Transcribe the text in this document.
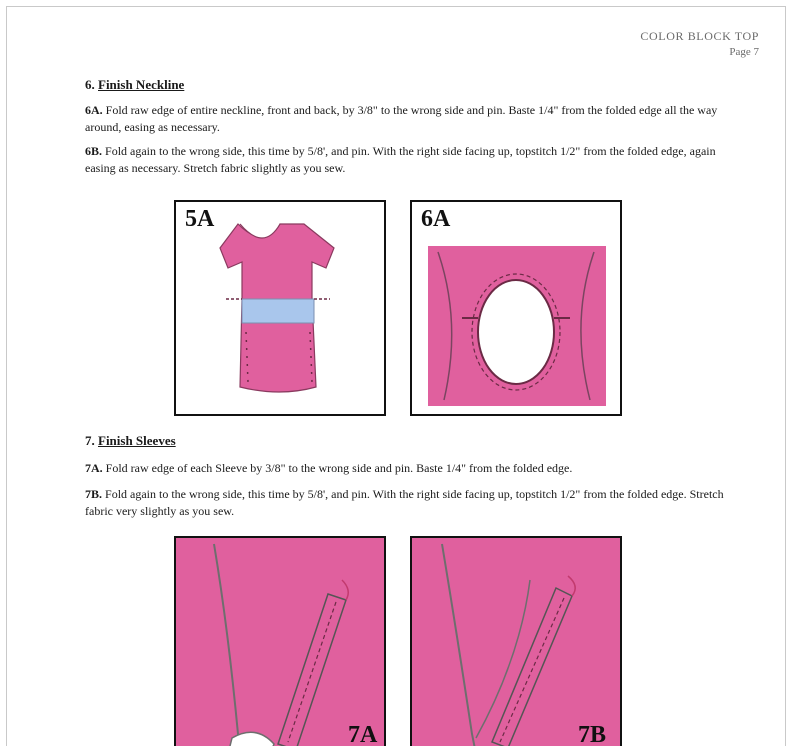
COLOR BLOCK TOP
Page 7
6. Finish Neckline
6A. Fold raw edge of entire neckline, front and back, by 3/8" to the wrong side and pin. Baste 1/4" from the folded edge all the way around, easing as necessary.
6B. Fold again to the wrong side, this time by 5/8', and pin. With the right side facing up, topstitch 1/2" from the folded edge, again easing as necessary. Stretch fabric slightly as you sew.
5A	6A
7. Finish Sleeves
7A. Fold raw edge of each Sleeve by 3/8" to the wrong side and pin. Baste 1/4" from the folded edge.
7B. Fold again to the wrong side, this time by 5/8', and pin. With the right side facing up, topstitch 1/2" from the folded edge. Stretch fabric very slightly as you sew.
7A	7B
